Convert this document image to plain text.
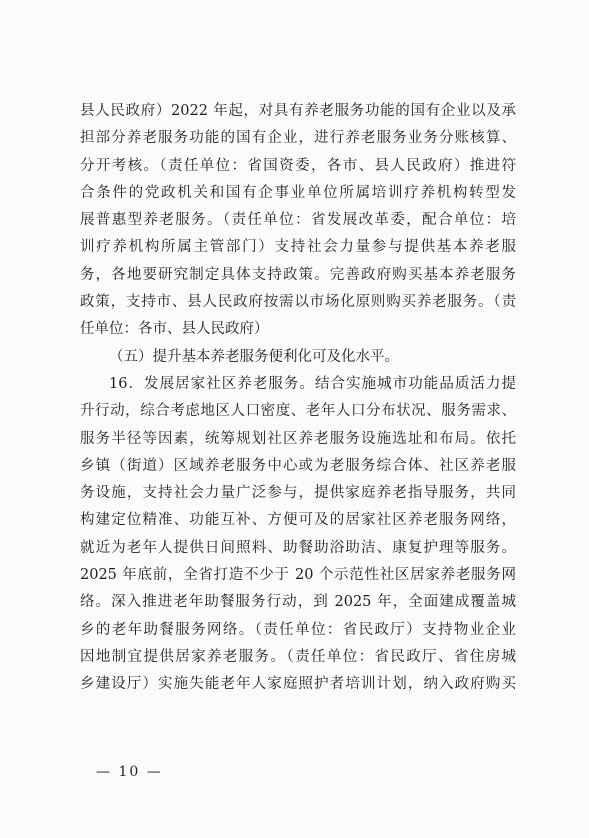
县人民政府）2022 年起，对具有养老服务功能的国有企业以及承
担部分养老服务功能的国有企业，进行养老服务业务分账核算、
分开考核。（责任单位：省国资委，各市、县人民政府）推进符
合条件的党政机关和国有企事业单位所属培训疗养机构转型发
展普惠型养老服务。（责任单位：省发展改革委，配合单位：培
训疗养机构所属主管部门）支持社会力量参与提供基本养老服
务，各地要研究制定具体支持政策。完善政府购买基本养老服务
政策，支持市、县人民政府按需以市场化原则购买养老服务。（责
任单位：各市、县人民政府）
（五）提升基本养老服务便利化可及化水平。
16．发展居家社区养老服务。结合实施城市功能品质活力提
升行动，综合考虑地区人口密度、老年人口分布状况、服务需求、
服务半径等因素，统筹规划社区养老服务设施选址和布局。依托
乡镇（街道）区域养老服务中心或为老服务综合体、社区养老服
务设施，支持社会力量广泛参与，提供家庭养老指导服务，共同
构建定位精准、功能互补、方便可及的居家社区养老服务网络，
就近为老年人提供日间照料、助餐助浴助洁、康复护理等服务。
2025 年底前，全省打造不少于 20 个示范性社区居家养老服务网
络。深入推进老年助餐服务行动，到 2025 年，全面建成覆盖城
乡的老年助餐服务网络。（责任单位：省民政厅）支持物业企业
因地制宜提供居家养老服务。（责任单位：省民政厅、省住房城
乡建设厅）实施失能老年人家庭照护者培训计划，纳入政府购买
— 10 —
